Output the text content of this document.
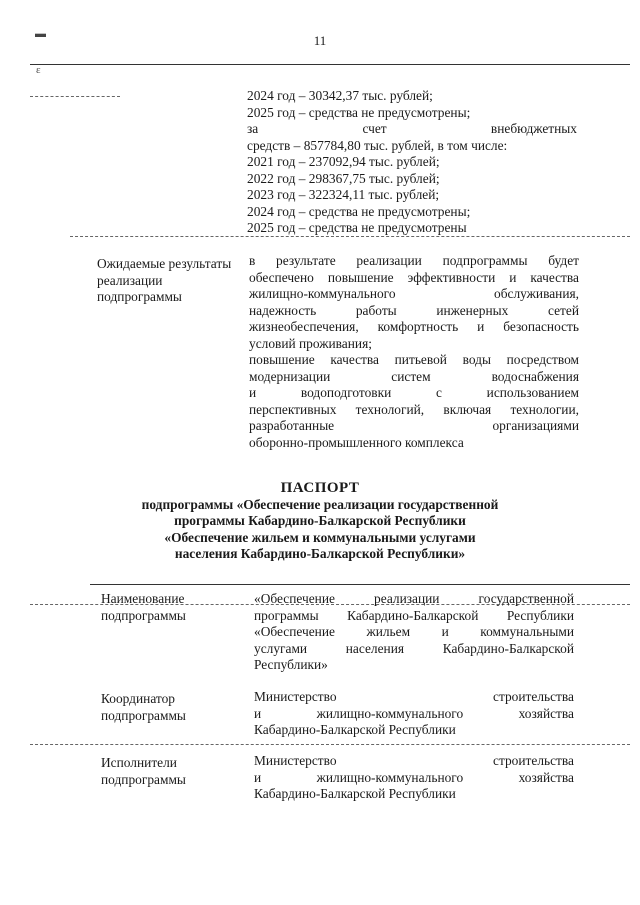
▬
ɛ
11

2024 год – 30342,37 тыс. рублей;

2025 год – средства не предусмотрены;

за счет внебюджетных

средств – 857784,80 тыс. рублей, в том числе:

2021 год – 237092,94 тыс. рублей;

2022 год – 298367,75 тыс. рублей;

2023 год – 322324,11 тыс. рублей;

2024 год – средства не предусмотрены;

2025 год – средства не предусмотрены

Ожидаемые результаты реализации подпрограммы

в результате реализации подпрограммы будет

обеспечено повышение эффективности и качества

жилищно-коммунального обслуживания,

надежность работы инженерных сетей

жизнеобеспечения, комфортность и безопасность

условий проживания;

повышение качества питьевой воды посредством

модернизации систем водоснабжения

и водоподготовки с использованием

перспективных технологий, включая технологии,

разработанные организациями

оборонно-промышленного комплекса

ПАСПОРТ

подпрограммы «Обеспечение реализации государственной

программы Кабардино-Балкарской Республики

«Обеспечение жильем и коммунальными услугами

населения Кабардино-Балкарской Республики»

Наименование подпрограммы

«Обеспечение реализации государственной

программы Кабардино-Балкарской Республики

«Обеспечение жильем и коммунальными

услугами населения Кабардино-Балкарской

Республики»

Координатор подпрограммы

Министерство строительства

и жилищно-коммунального хозяйства

Кабардино-Балкарской Республики

Исполнители подпрограммы

Министерство строительства

и жилищно-коммунального хозяйства

Кабардино-Балкарской Республики
